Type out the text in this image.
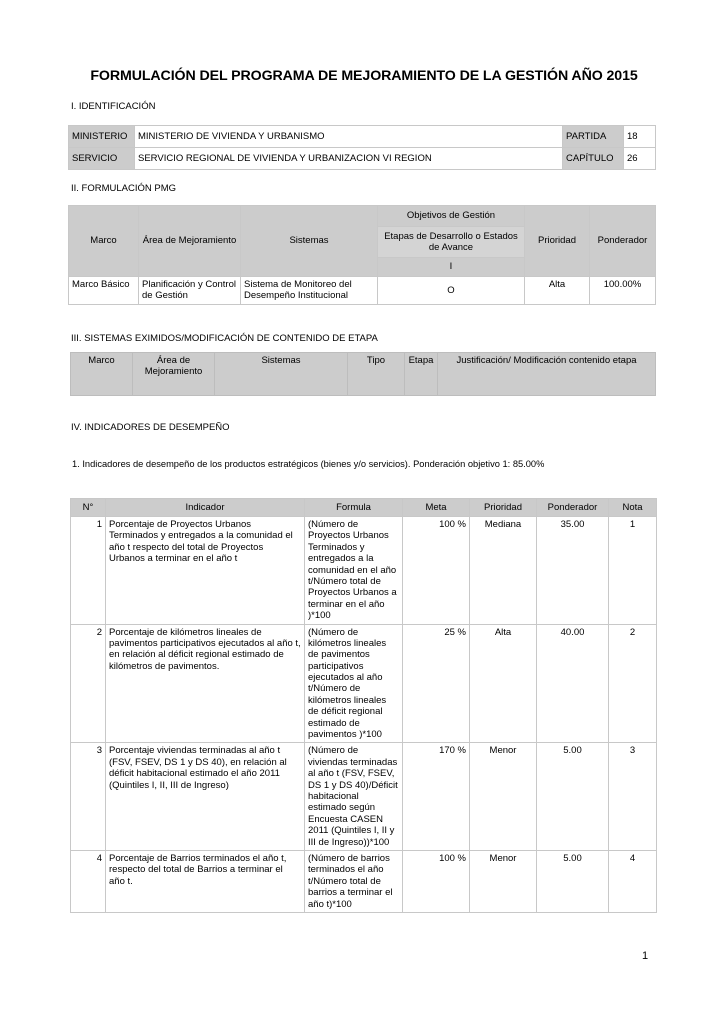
FORMULACIÓN DEL PROGRAMA DE MEJORAMIENTO DE LA GESTIÓN AÑO 2015
I. IDENTIFICACIÓN
MINISTERIO	MINISTERIO DE VIVIENDA Y URBANISMO	PARTIDA	18
SERVICIO	SERVICIO REGIONAL DE VIVIENDA Y URBANIZACION VI REGION	CAPÍTULO	26
II. FORMULACIÓN PMG
Marco	Área de Mejoramiento	Sistemas	Objetivos de Gestión	Prioridad	Ponderador
			Etapas de Desarrollo o Estados de Avance		
			I		
Marco Básico	Planificación y Control de Gestión	Sistema de Monitoreo del Desempeño Institucional	O	Alta	100.00%
III. SISTEMAS EXIMIDOS/MODIFICACIÓN DE CONTENIDO DE ETAPA
Marco	Área de Mejoramiento	Sistemas	Tipo	Etapa	Justificación/ Modificación contenido etapa
IV. INDICADORES DE DESEMPEÑO
1. Indicadores de desempeño de los productos estratégicos (bienes y/o servicios). Ponderación objetivo 1: 85.00%
N°	Indicador	Formula	Meta	Prioridad	Ponderador	Nota
1	Porcentaje de Proyectos Urbanos Terminados y entregados a la comunidad el año t respecto del total de Proyectos Urbanos a terminar en el año t	(Número de Proyectos Urbanos Terminados y entregados a la comunidad en el año t/Número total de Proyectos Urbanos a terminar en el año )*100	100 %	Mediana	35.00	1
2	Porcentaje de kilómetros lineales de pavimentos participativos ejecutados al año t, en relación al déficit regional estimado de kilómetros de pavimentos.	(Número de kilómetros lineales de pavimentos participativos ejecutados al año t/Número de kilómetros lineales de déficit regional estimado de pavimentos )*100	25 %	Alta	40.00	2
3	Porcentaje viviendas terminadas al año t (FSV, FSEV, DS 1 y DS 40), en relación al déficit habitacional estimado el año 2011 (Quintiles I, II, III de Ingreso)	(Número de viviendas terminadas al año t (FSV, FSEV, DS 1 y DS 40)/Déficit habitacional estimado según Encuesta CASEN 2011 (Quintiles I, II y III de Ingreso))*100	170 %	Menor	5.00	3
4	Porcentaje de Barrios terminados el año t, respecto del total de Barrios a terminar el año t.	(Número de barrios terminados el año t/Número total de barrios a terminar el año t)*100	100 %	Menor	5.00	4
1
